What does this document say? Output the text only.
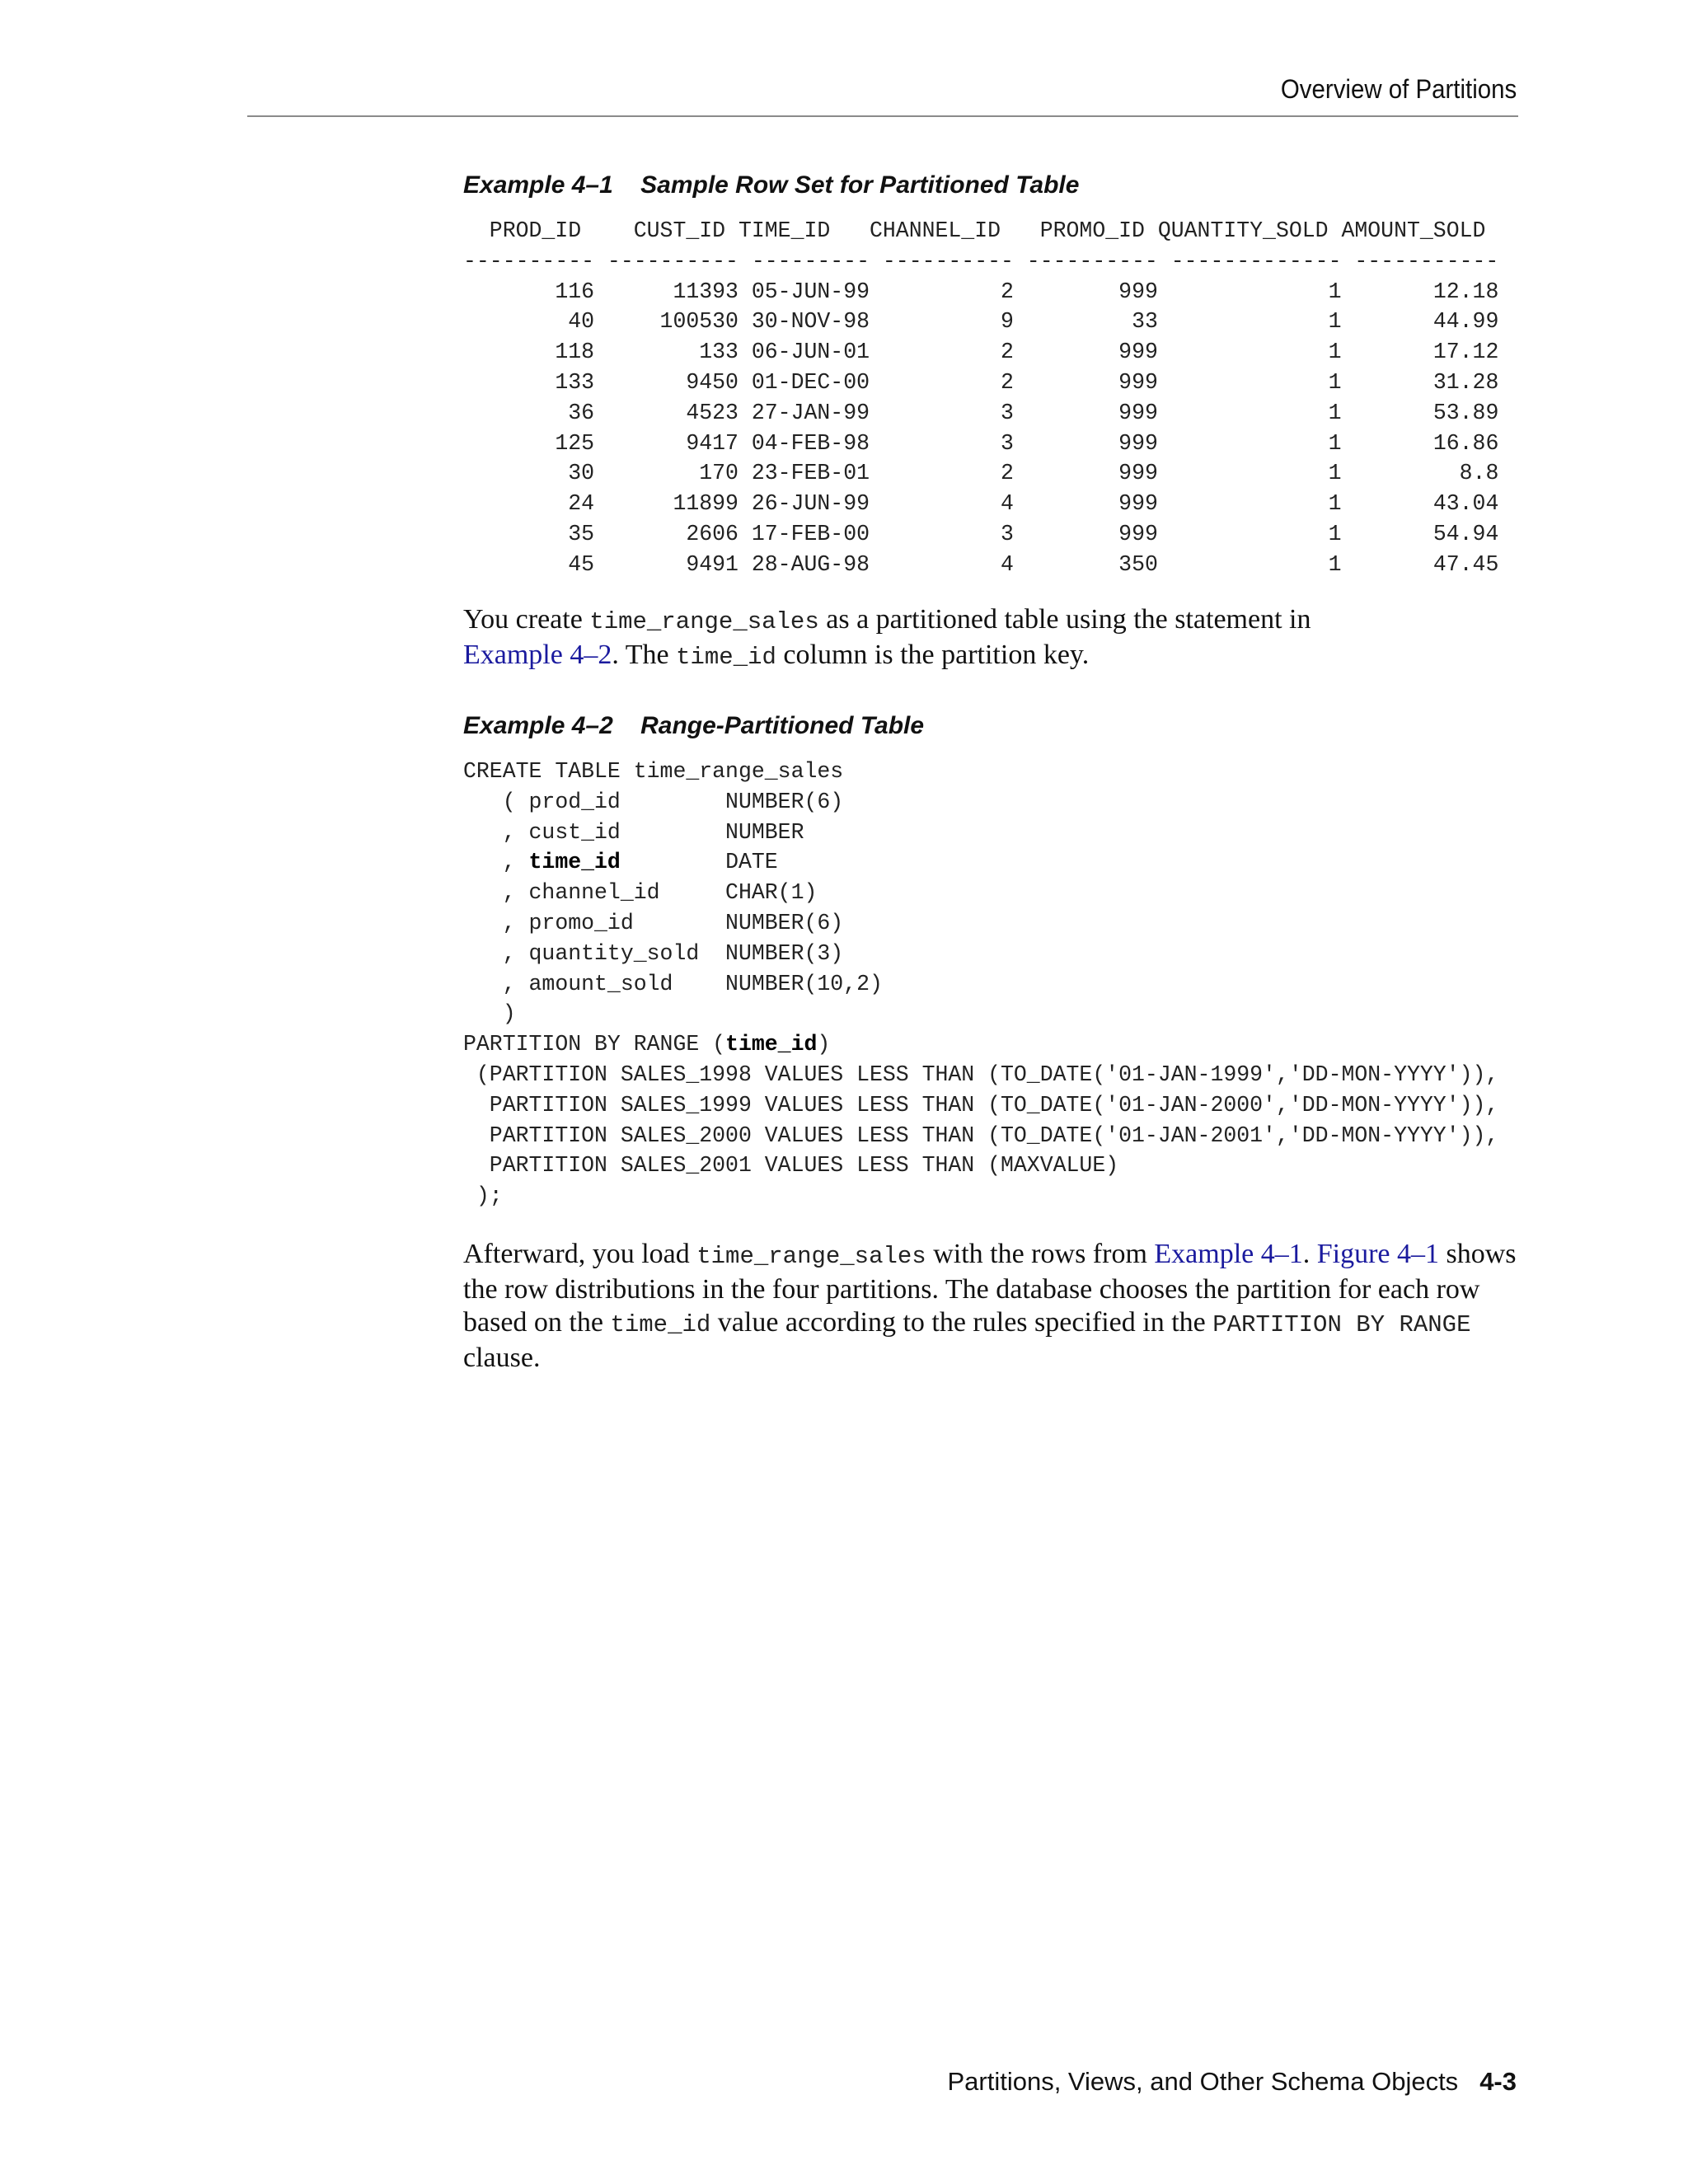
Overview of Partitions
Example 4–1    Sample Row Set for Partitioned Table
PROD_ID    CUST_ID TIME_ID   CHANNEL_ID   PROMO_ID QUANTITY_SOLD AMOUNT_SOLD
---------- ---------- --------- ---------- ---------- ------------- -----------
116      11393 05-JUN-99          2        999             1       12.18
40     100530 30-NOV-98          9         33             1       44.99
118        133 06-JUN-01          2        999             1       17.12
133       9450 01-DEC-00          2        999             1       31.28
36       4523 27-JAN-99          3        999             1       53.89
125       9417 04-FEB-98          3        999             1       16.86
30        170 23-FEB-01          2        999             1         8.8
24      11899 26-JUN-99          4        999             1       43.04
35       2606 17-FEB-00          3        999             1       54.94
45       9491 28-AUG-98          4        350             1       47.45

You create time_range_sales as a partitioned table using the statement in
Example 4–2. The time_id column is the partition key.

Example 4–2    Range-Partitioned Table
CREATE TABLE time_range_sales
( prod_id        NUMBER(6)
, cust_id        NUMBER
, time_id        DATE
, channel_id     CHAR(1)
, promo_id       NUMBER(6)
, quantity_sold  NUMBER(3)
, amount_sold    NUMBER(10,2)
)
PARTITION BY RANGE (time_id)
(PARTITION SALES_1998 VALUES LESS THAN (TO_DATE('01-JAN-1999','DD-MON-YYYY')),
PARTITION SALES_1999 VALUES LESS THAN (TO_DATE('01-JAN-2000','DD-MON-YYYY')),
PARTITION SALES_2000 VALUES LESS THAN (TO_DATE('01-JAN-2001','DD-MON-YYYY')),
PARTITION SALES_2001 VALUES LESS THAN (MAXVALUE)
);

Afterward, you load time_range_sales with the rows from Example 4–1. Figure 4–1 shows the row distributions in the four partitions. The database chooses the partition for each row based on the time_id value according to the rules specified in the PARTITION BY RANGE clause.

Partitions, Views, and Other Schema Objects 4-3
